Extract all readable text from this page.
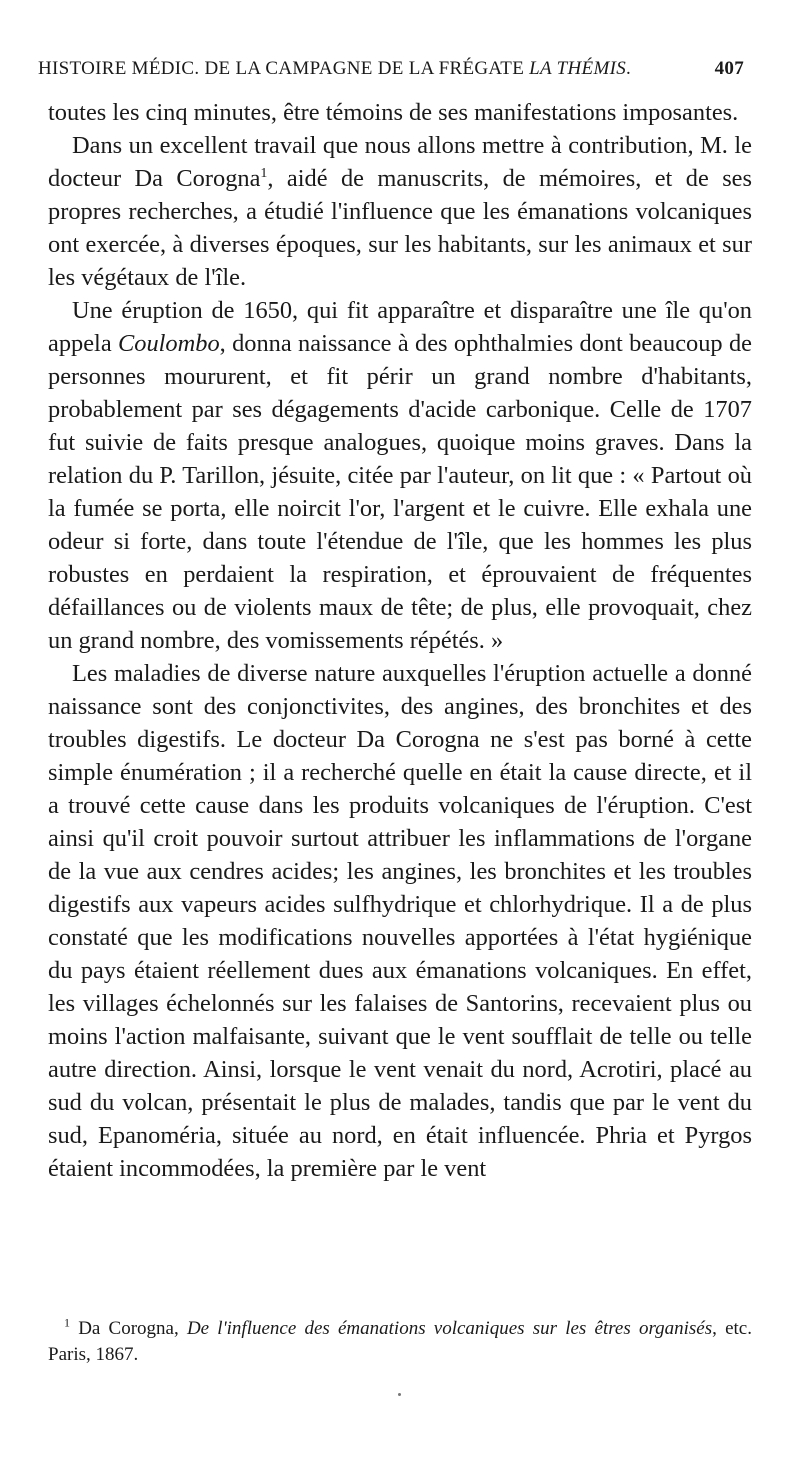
HISTOIRE MÉDIC. DE LA CAMPAGNE DE LA FRÉGATE LA THÉMIS.	407

toutes les cinq minutes, être témoins de ses manifestations imposantes.

Dans un excellent travail que nous allons mettre à contribution, M. le docteur Da Corogna$^1$, aidé de manuscrits, de mémoires, et de ses propres recherches, a étudié l'influence que les émanations volcaniques ont exercée, à diverses époques, sur les habitants, sur les animaux et sur les végétaux de l'île.

Une éruption de 1650, qui fit apparaître et disparaître une île qu'on appela Coulombo, donna naissance à des ophthalmies dont beaucoup de personnes moururent, et fit périr un grand nombre d'habitants, probablement par ses dégagements d'acide carbonique. Celle de 1707 fut suivie de faits presque analogues, quoique moins graves. Dans la relation du P. Tarillon, jésuite, citée par l'auteur, on lit que : « Partout où la fumée se porta, elle noircit l'or, l'argent et le cuivre. Elle exhala une odeur si forte, dans toute l'étendue de l'île, que les hommes les plus robustes en perdaient la respiration, et éprouvaient de fréquentes défaillances ou de violents maux de tête; de plus, elle provoquait, chez un grand nombre, des vomissements répétés. »

Les maladies de diverse nature auxquelles l'éruption actuelle a donné naissance sont des conjonctivites, des angines, des bronchites et des troubles digestifs. Le docteur Da Corogna ne s'est pas borné à cette simple énumération ; il a recherché quelle en était la cause directe, et il a trouvé cette cause dans les produits volcaniques de l'éruption. C'est ainsi qu'il croit pouvoir surtout attribuer les inflammations de l'organe de la vue aux cendres acides; les angines, les bronchites et les troubles digestifs aux vapeurs acides sulfhydrique et chlorhydrique. Il a de plus constaté que les modifications nouvelles apportées à l'état hygiénique du pays étaient réellement dues aux émanations volcaniques. En effet, les villages échelonnés sur les falaises de Santorins, recevaient plus ou moins l'action malfaisante, suivant que le vent soufflait de telle ou telle autre direction. Ainsi, lorsque le vent venait du nord, Acrotiri, placé au sud du volcan, présentait le plus de malades, tandis que par le vent du sud, Epanoméria, située au nord, en était influencée. Phria et Pyrgos étaient incommodées, la première par le vent

$^1$ Da Corogna, De l'influence des émanations volcaniques sur les êtres organisés, etc. Paris, 1867.
